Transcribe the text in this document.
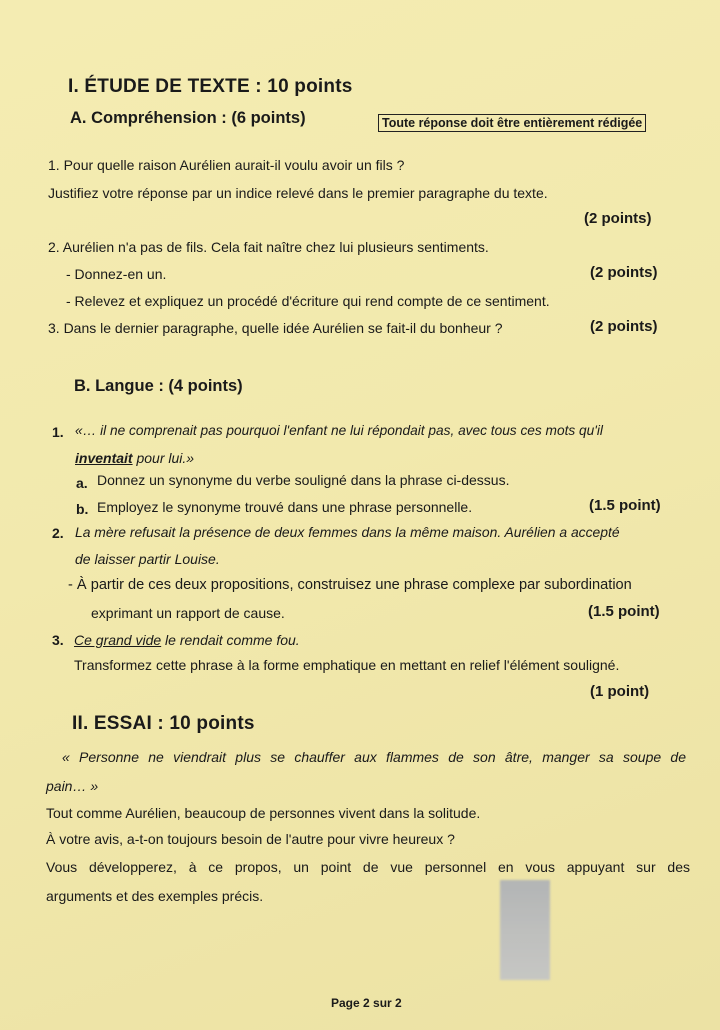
I. ÉTUDE DE TEXTE : 10 points
A. Compréhension : (6 points)	Toute réponse doit être entièrement rédigée
1. Pour quelle raison Aurélien aurait-il voulu avoir un fils ?
Justifiez votre réponse par un indice relevé dans le premier paragraphe du texte.
(2 points)
2. Aurélien n'a pas de fils. Cela fait naître chez lui plusieurs sentiments.
- Donnez-en un.	(2 points)
- Relevez et expliquez un procédé d'écriture qui rend compte de ce sentiment.
3. Dans le dernier paragraphe, quelle idée Aurélien se fait-il du bonheur ?	(2 points)
B. Langue : (4 points)
1. «… il ne comprenait pas pourquoi l'enfant ne lui répondait pas, avec tous ces mots qu'il
inventait pour lui.»
a. Donnez un synonyme du verbe souligné dans la phrase ci-dessus.
b. Employez le synonyme trouvé dans une phrase personnelle.	(1.5 point)
2. La mère refusait la présence de deux femmes dans la même maison. Aurélien a accepté
de laisser partir Louise.
- À partir de ces deux propositions, construisez une phrase complexe par subordination
exprimant un rapport de cause.	(1.5 point)
3. Ce grand vide le rendait comme fou.
Transformez cette phrase à la forme emphatique en mettant en relief l'élément souligné.
(1 point)
II. ESSAI : 10 points
« Personne ne viendrait plus se chauffer aux flammes de son âtre, manger sa soupe de
pain… »
Tout comme Aurélien, beaucoup de personnes vivent dans la solitude.
À votre avis, a-t-on toujours besoin de l'autre pour vivre heureux ?
Vous développerez, à ce propos, un point de vue personnel en vous appuyant sur des
arguments et des exemples précis.
Page 2 sur 2
